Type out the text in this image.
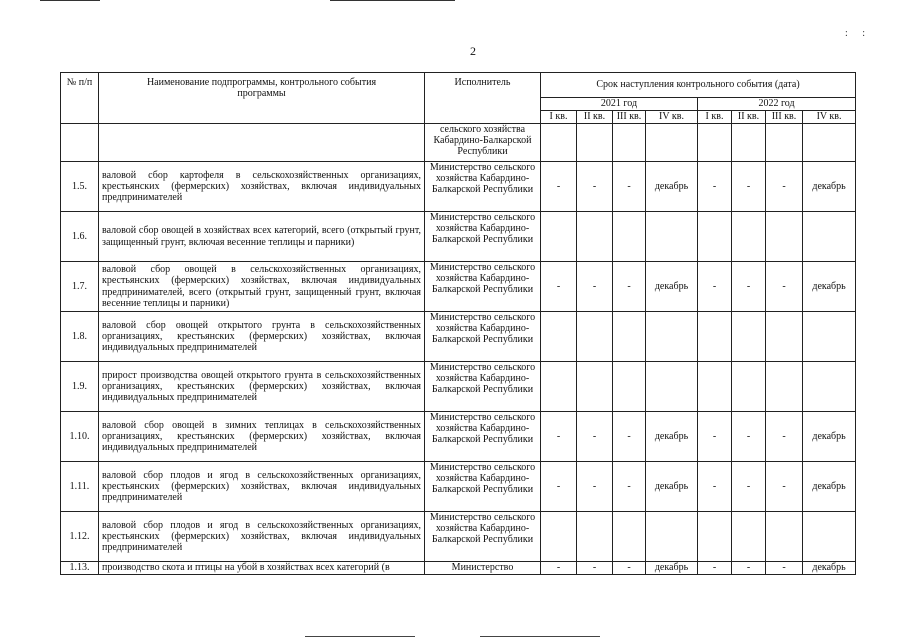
: :
2
№ п/п	Наименование подпрограммы, контрольного события программы	Исполнитель	Срок наступления контрольного события (дата)							
			2021 год				2022 год			
			I кв.	II кв.	III кв.	IV кв.	I кв.	II кв.	III кв.	IV кв.
		сельского хозяйства Кабардино-Балкарской Республики								
1.5.	валовой сбор картофеля в сельскохозяйственных организациях, крестьянских (фермерских) хозяйствах, включая индивидуальных предпринимателей	Министерство сельского хозяйства Кабардино-Балкарской Республики	-	-	-	декабрь	-	-	-	декабрь
1.6.	валовой сбор овощей в хозяйствах всех категорий, всего (открытый грунт, защищенный грунт, включая весенние теплицы и парники)	Министерство сельского хозяйства Кабардино-Балкарской Республики								
1.7.	валовой сбор овощей в сельскохозяйственных организациях, крестьянских (фермерских) хозяйствах, включая индивидуальных предпринимателей, всего (открытый грунт, защищенный грунт, включая весенние теплицы и парники)	Министерство сельского хозяйства Кабардино-Балкарской Республики	-	-	-	декабрь	-	-	-	декабрь
1.8.	валовой сбор овощей открытого грунта в сельскохозяйственных организациях, крестьянских (фермерских) хозяйствах, включая индивидуальных предпринимателей	Министерство сельского хозяйства Кабардино-Балкарской Республики								
1.9.	прирост производства овощей открытого грунта в сельскохозяйственных организациях, крестьянских (фермерских) хозяйствах, включая индивидуальных предпринимателей	Министерство сельского хозяйства Кабардино-Балкарской Республики								
1.10.	валовой сбор овощей в зимних теплицах в сельскохозяйственных организациях, крестьянских (фермерских) хозяйствах, включая индивидуальных предпринимателей	Министерство сельского хозяйства Кабардино-Балкарской Республики	-	-	-	декабрь	-	-	-	декабрь
1.11.	валовой сбор плодов и ягод в сельскохозяйственных организациях, крестьянских (фермерских) хозяйствах, включая индивидуальных предпринимателей	Министерство сельского хозяйства Кабардино-Балкарской Республики	-	-	-	декабрь	-	-	-	декабрь
1.12.	валовой сбор плодов и ягод в сельскохозяйственных организациях, крестьянских (фермерских) хозяйствах, включая индивидуальных предпринимателей	Министерство сельского хозяйства Кабардино-Балкарской Республики								
1.13.	производство скота и птицы на убой в хозяйствах всех категорий (в	Министерство	-	-	-	декабрь	-	-	-	декабрь
